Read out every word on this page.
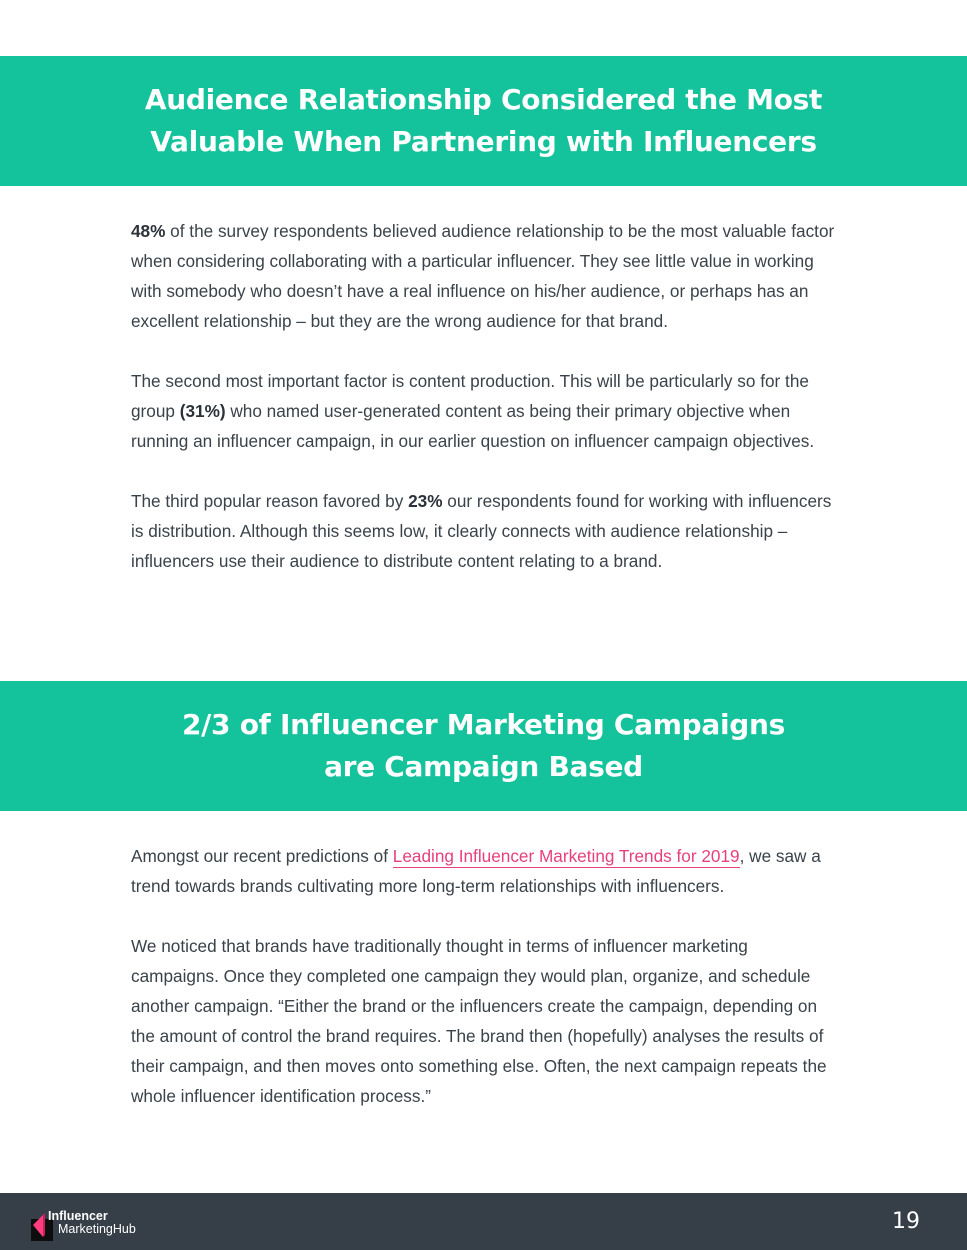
Audience Relationship Considered the Most
Valuable When Partnering with Influencers

48% of the survey respondents believed audience relationship to be the most valuable factor when considering collaborating with a particular influencer. They see little value in working with somebody who doesn’t have a real influence on his/her audience, or perhaps has an excellent relationship – but they are the wrong audience for that brand.

The second most important factor is content production. This will be particularly so for the group (31%) who named user-generated content as being their primary objective when running an influencer campaign, in our earlier question on influencer campaign objectives.

The third popular reason favored by 23% our respondents found for working with influencers is distribution. Although this seems low, it clearly connects with audience relationship – influencers use their audience to distribute content relating to a brand.

2/3 of Influencer Marketing Campaigns
are Campaign Based

Amongst our recent predictions of Leading Influencer Marketing Trends for 2019, we saw a trend towards brands cultivating more long-term relationships with influencers.

We noticed that brands have traditionally thought in terms of influencer marketing campaigns. Once they completed one campaign they would plan, organize, and schedule another campaign. “Either the brand or the influencers create the campaign, depending on the amount of control the brand requires. The brand then (hopefully) analyses the results of their campaign, and then moves onto something else. Often, the next campaign repeats the whole influencer identification process.”

Influencer
MarketingHub	19
